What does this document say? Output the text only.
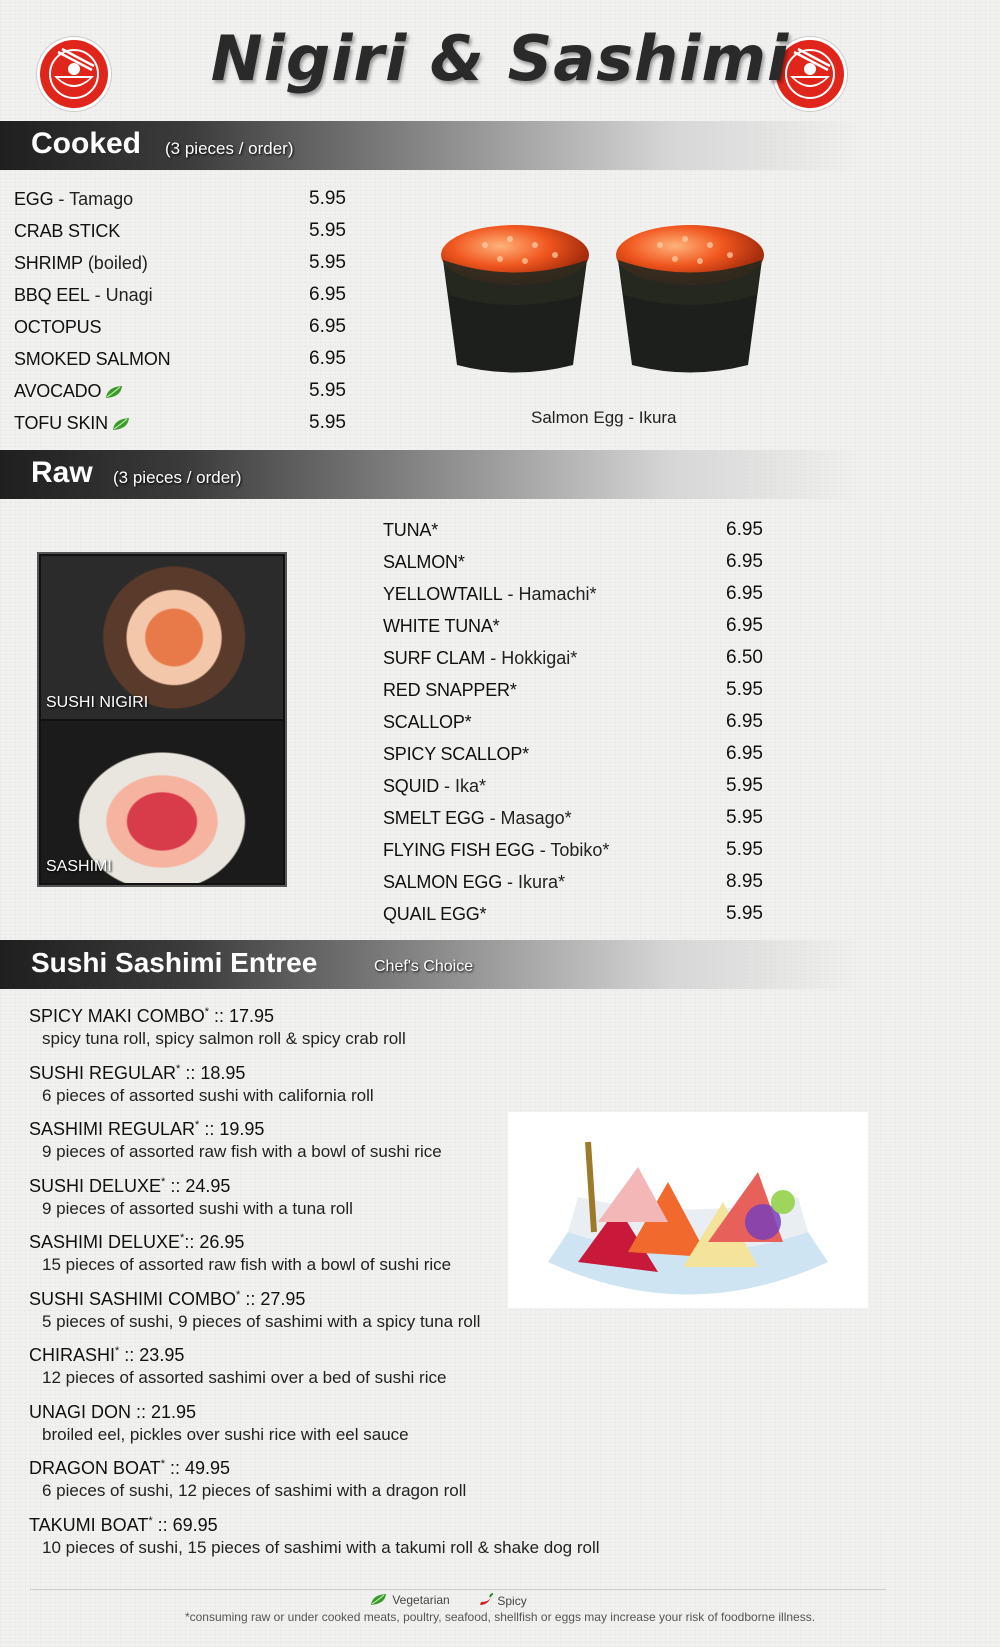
Nigiri & Sashimi
Cooked (3 pieces / order)
EGG - Tamago	5.95
CRAB STICK	5.95
SHRIMP (boiled)	5.95
BBQ EEL - Unagi	6.95
OCTOPUS	6.95
SMOKED SALMON	6.95
AVOCADO	5.95
TOFU SKIN	5.95	Salmon Egg - Ikura
Raw (3 pieces / order)
SUSHI NIGIRI
SASHIMI
TUNA*	6.95
SALMON*	6.95
YELLOWTAILL - Hamachi*	6.95
WHITE TUNA*	6.95
SURF CLAM - Hokkigai*	6.50
RED SNAPPER*	5.95
SCALLOP*	6.95
SPICY SCALLOP*	6.95
SQUID - Ika*	5.95
SMELT EGG - Masago*	5.95
FLYING FISH EGG - Tobiko*	5.95
SALMON EGG - Ikura*	8.95
QUAIL EGG*	5.95
Sushi Sashimi Entree	Chef's Choice
SPICY MAKI COMBO* :: 17.95
spicy tuna roll, spicy salmon roll & spicy crab roll
SUSHI REGULAR* :: 18.95
6 pieces of assorted sushi with california roll
SASHIMI REGULAR* :: 19.95
9 pieces of assorted raw fish with a bowl of sushi rice
SUSHI DELUXE* :: 24.95
9 pieces of assorted sushi with a tuna roll
SASHIMI DELUXE*:: 26.95
15 pieces of assorted raw fish with a bowl of sushi rice
SUSHI SASHIMI COMBO* :: 27.95
5 pieces of sushi, 9 pieces of sashimi with a spicy tuna roll
CHIRASHI* :: 23.95
12 pieces of assorted sashimi over a bed of sushi rice
UNAGI DON :: 21.95
broiled eel, pickles over sushi rice with eel sauce
DRAGON BOAT* :: 49.95
6 pieces of sushi, 12 pieces of sashimi with a dragon roll
TAKUMI BOAT* :: 69.95
10 pieces of sushi, 15 pieces of sashimi with a takumi roll & shake dog roll
Vegetarian	Spicy
*consuming raw or under cooked meats, poultry, seafood, shellfish or eggs may increase your risk of foodborne illness.
